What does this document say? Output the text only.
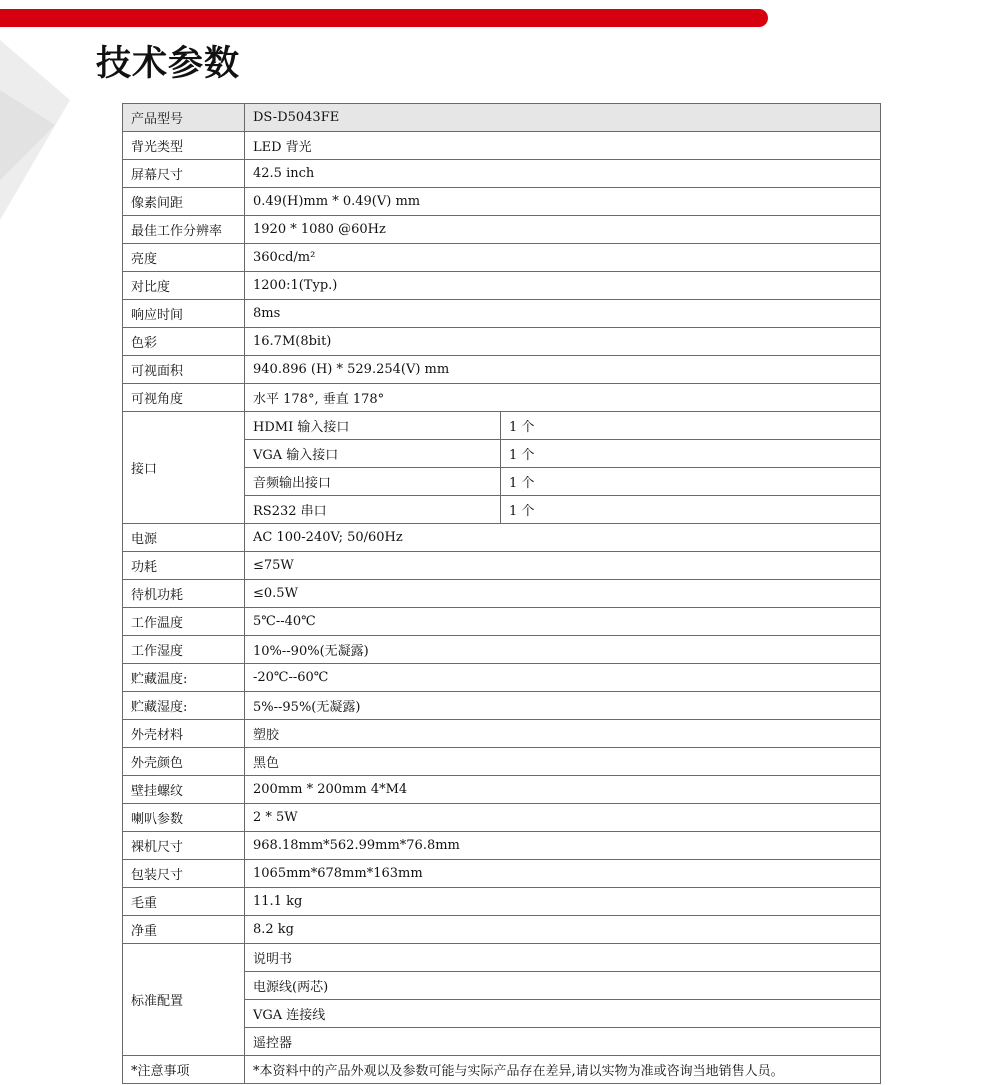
技术参数
产品型号	DS-D5043FE	
背光类型	LED 背光	
屏幕尺寸	42.5 inch	
像素间距	0.49(H)mm * 0.49(V) mm	
最佳工作分辨率	1920 * 1080 @60Hz	
亮度	360cd/m²	
对比度	1200:1(Typ.)	
响应时间	8ms	
色彩	16.7M(8bit)	
可视面积	940.896 (H) * 529.254(V) mm	
可视角度	水平 178°, 垂直 178°	
接口	HDMI 输入接口	1 个
	VGA 输入接口	1 个
	音频输出接口	1 个
	RS232 串口	1 个
电源	AC 100-240V; 50/60Hz	
功耗	≤75W	
待机功耗	≤0.5W	
工作温度	5℃--40℃	
工作湿度	10%--90%(无凝露)	
贮藏温度:	-20℃--60℃	
贮藏湿度:	5%--95%(无凝露)	
外壳材料	塑胶	
外壳颜色	黑色	
壁挂螺纹	200mm * 200mm 4*M4	
喇叭参数	2 * 5W	
裸机尺寸	968.18mm*562.99mm*76.8mm	
包装尺寸	1065mm*678mm*163mm	
毛重	11.1 kg	
净重	8.2 kg	
标准配置	说明书	
	电源线(两芯)	
	VGA 连接线	
	遥控器	
*注意事项	*本资料中的产品外观以及参数可能与实际产品存在差异,请以实物为准或咨询当地销售人员。	
